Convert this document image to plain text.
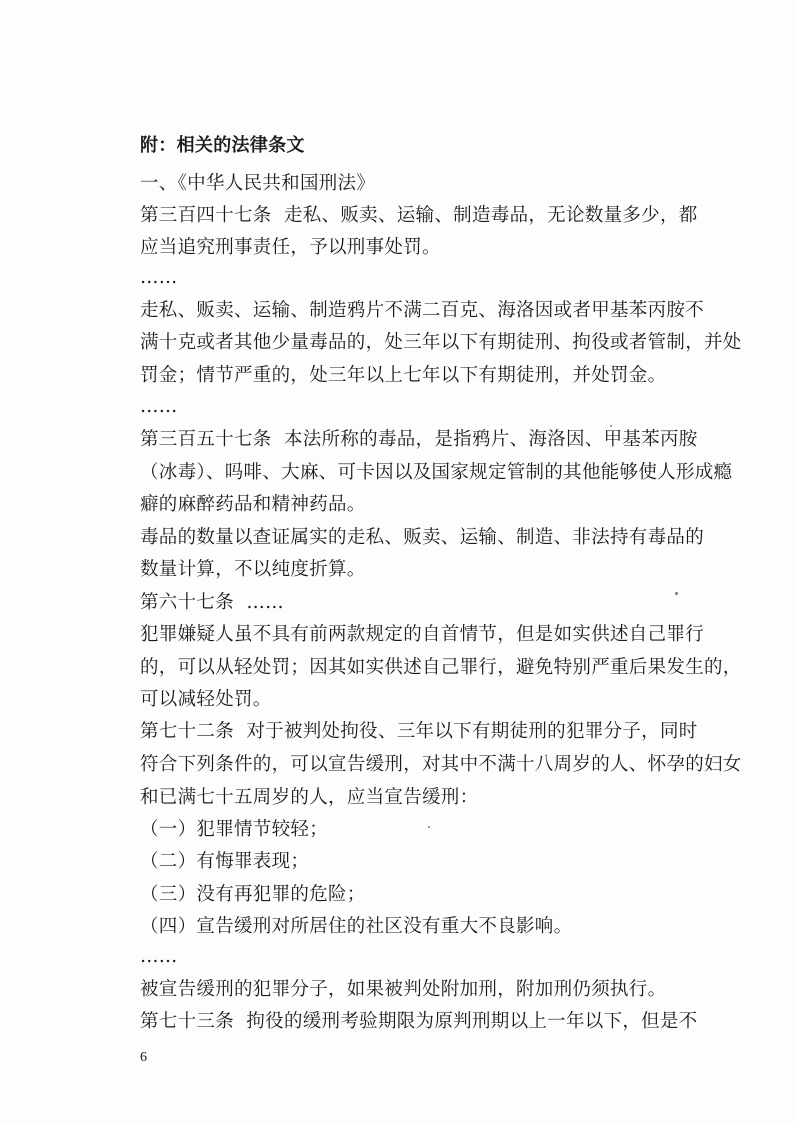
附：相关的法律条文
一、《中华人民共和国刑法》
第三百四十七条  走私、贩卖、运输、制造毒品，无论数量多少，都
应当追究刑事责任，予以刑事处罚。
……
走私、贩卖、运输、制造鸦片不满二百克、海洛因或者甲基苯丙胺不
满十克或者其他少量毒品的，处三年以下有期徒刑、拘役或者管制，并处
罚金；情节严重的，处三年以上七年以下有期徒刑，并处罚金。
……
第三百五十七条  本法所称的毒品，是指鸦片、海洛因、甲基苯丙胺
（冰毒）、吗啡、大麻、可卡因以及国家规定管制的其他能够使人形成瘾
癖的麻醉药品和精神药品。
毒品的数量以查证属实的走私、贩卖、运输、制造、非法持有毒品的
数量计算，不以纯度折算。
第六十七条  ……
犯罪嫌疑人虽不具有前两款规定的自首情节，但是如实供述自己罪行
的，可以从轻处罚；因其如实供述自己罪行，避免特别严重后果发生的，
可以减轻处罚。
第七十二条  对于被判处拘役、三年以下有期徒刑的犯罪分子，同时
符合下列条件的，可以宣告缓刑，对其中不满十八周岁的人、怀孕的妇女
和已满七十五周岁的人，应当宣告缓刑：
（一）犯罪情节较轻；
（二）有悔罪表现；
（三）没有再犯罪的危险；
（四）宣告缓刑对所居住的社区没有重大不良影响。
……
被宣告缓刑的犯罪分子，如果被判处附加刑，附加刑仍须执行。
第七十三条  拘役的缓刑考验期限为原判刑期以上一年以下，但是不
6
